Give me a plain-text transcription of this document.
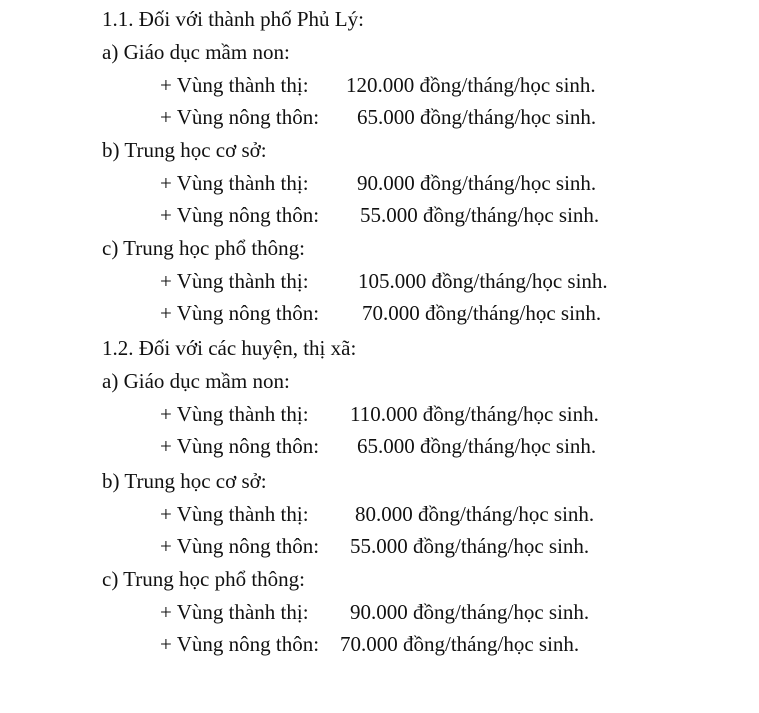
1.1. Đối với thành phố Phủ Lý:
a) Giáo dục mầm non:
+ Vùng thành thị: 120.000 đồng/tháng/học sinh.
+ Vùng nông thôn: 65.000 đồng/tháng/học sinh.
b) Trung học cơ sở:
+ Vùng thành thị: 90.000 đồng/tháng/học sinh.
+ Vùng nông thôn: 55.000 đồng/tháng/học sinh.
c) Trung học phổ thông:
+ Vùng thành thị: 105.000 đồng/tháng/học sinh.
+ Vùng nông thôn: 70.000 đồng/tháng/học sinh.
1.2. Đối với các huyện, thị xã:
a) Giáo dục mầm non:
+ Vùng thành thị: 110.000 đồng/tháng/học sinh.
+ Vùng nông thôn: 65.000 đồng/tháng/học sinh.
b) Trung học cơ sở:
+ Vùng thành thị: 80.000 đồng/tháng/học sinh.
+ Vùng nông thôn: 55.000 đồng/tháng/học sinh.
c) Trung học phổ thông:
+ Vùng thành thị: 90.000 đồng/tháng/học sinh.
+ Vùng nông thôn: 70.000 đồng/tháng/học sinh.
